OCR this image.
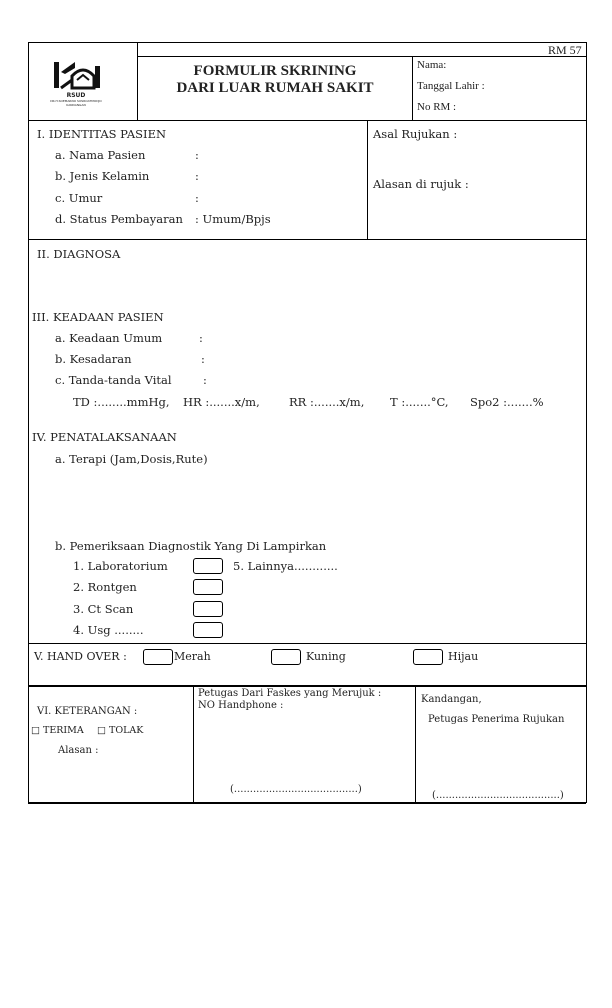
RM 57
RSUD
DR.H.SOEMARNO SOSROATMODJO KANDANGAN
FORMULIR SKRINING
DARI LUAR RUMAH SAKIT
Nama:
Tanggal Lahir :
No RM :
I. IDENTITAS PASIEN
a. Nama Pasien	:
b. Jenis Kelamin	:
c. Umur	:
d. Status Pembayaran : Umum/Bpjs
Asal Rujukan :
Alasan di rujuk :
II. DIAGNOSA
III. KEADAAN PASIEN
a. Keadaan Umum	:
b. Kesadaran	:
c. Tanda-tanda Vital	:
TD :........mmHg, HR :.......x/m,	RR :.......x/m, T :.......°C, Spo2 :.......%
IV. PENATALAKSANAAN
a. Terapi (Jam,Dosis,Rute)
b. Pemeriksaan Diagnostik Yang Di Lampirkan
1. Laboratorium	5. Lainnya............
2. Rontgen
3. Ct Scan
4. Usg ........
V. HAND OVER :	Merah	Kuning	Hijau
VI. KETERANGAN :
□ TERIMA □ TOLAK
Alasan :
Petugas Dari Faskes yang Merujuk :
NO Handphone :
(.......................................)
Kandangan,
Petugas Penerima Rujukan
(.......................................)
